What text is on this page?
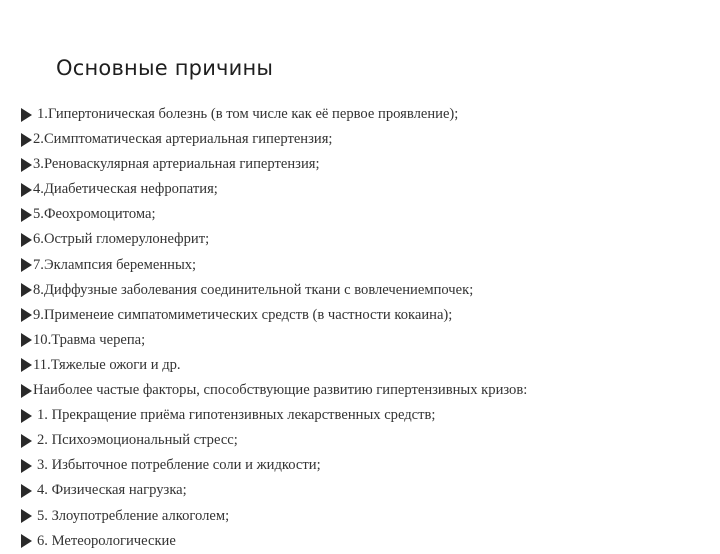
Основные причины
1.Гипертоническая болезнь (в том числе как её первое проявление);
2.Симптоматическая артериальная гипертензия;
3.Реноваскулярная артериальная гипертензия;
4.Диабетическая нефропатия;
5.Феохромоцитома;
6.Острый гломерулонефрит;
7.Эклампсия беременных;
8.Диффузные заболевания соединительной ткани с вовлечениемпочек;
9.Применеие симпатомиметических средств (в частности кокаина);
10.Травма черепа;
11.Тяжелые ожоги и др.
Наиболее частые факторы, способствующие развитию гипертензивных кризов:
1. Прекращение приёма гипотензивных лекарственных средств;
2. Психоэмоциональный стресс;
3. Избыточное потребление соли и жидкости;
4. Физическая нагрузка;
5. Злоупотребление алкоголем;
6. Метеорологические
